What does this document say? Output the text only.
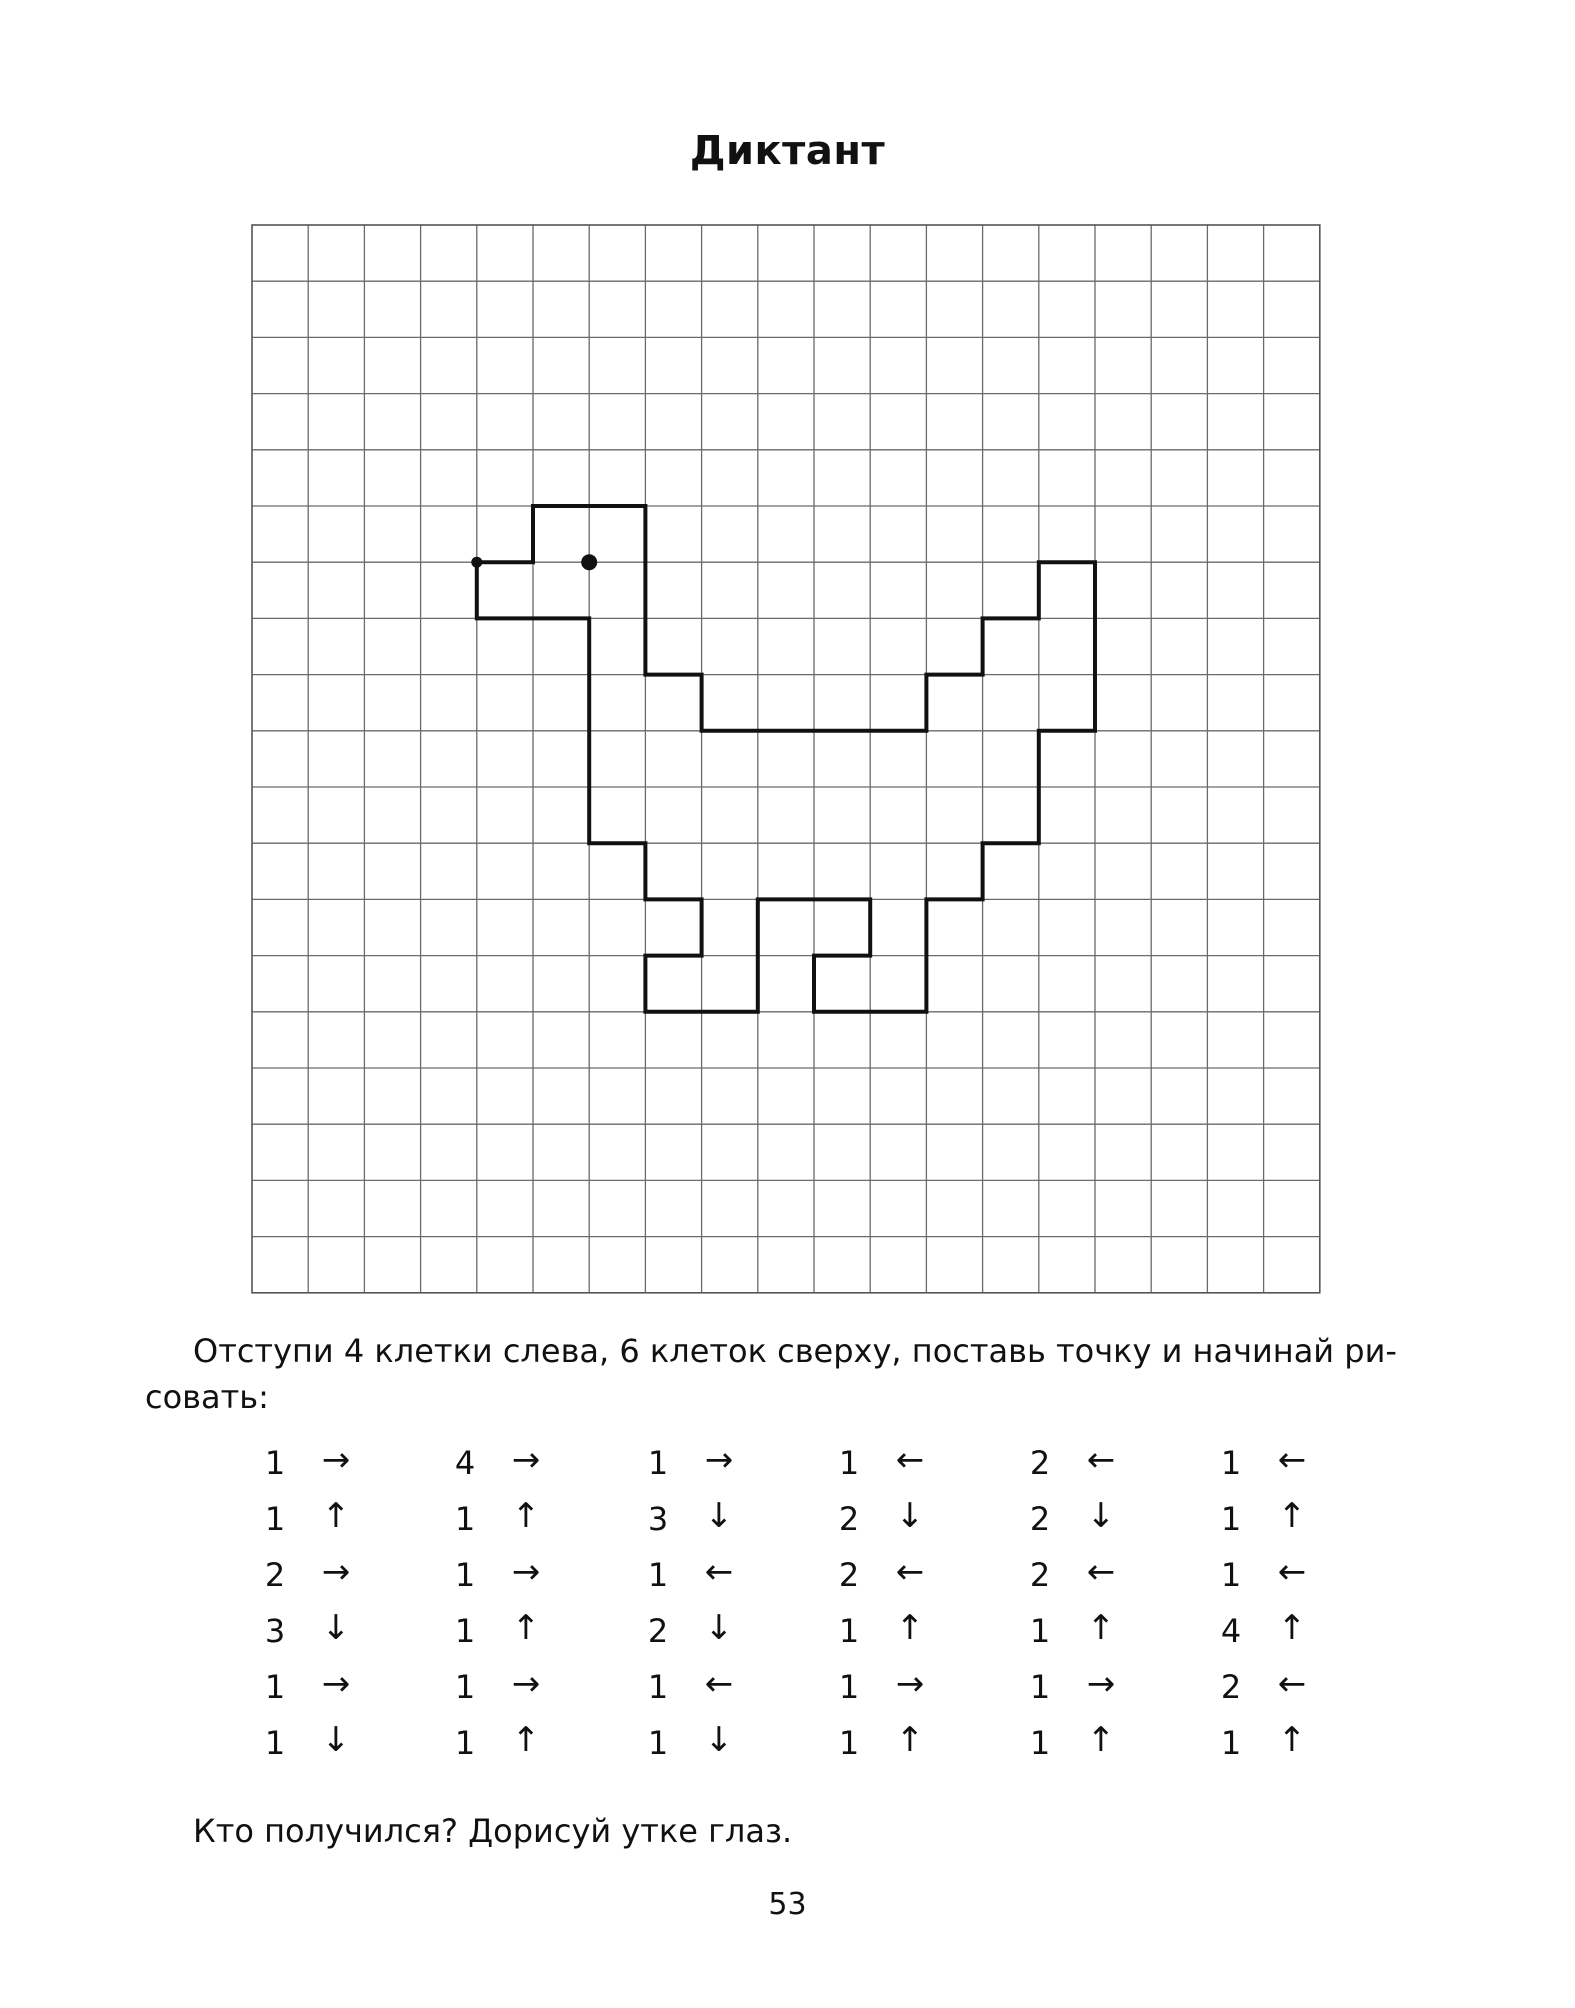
Диктант
Отступи 4 клетки слева, 6 клеток сверху, поставь точку и начинай ри-
совать:
1 →
1 ↑
2 →
3 ↓
1 →
1 ↓
4 →
1 ↑
1 →
1 ↑
1 →
1 ↑
1 →
3 ↓
1 ←
2 ↓
1 ←
1 ↓
1 ←
2 ↓
2 ←
1 ↑
1 →
1 ↑
2 ←
2 ↓
2 ←
1 ↑
1 →
1 ↑
1 ←
1 ↑
1 ←
4 ↑
2 ←
1 ↑
Кто получился? Дорисуй утке глаз.
53
